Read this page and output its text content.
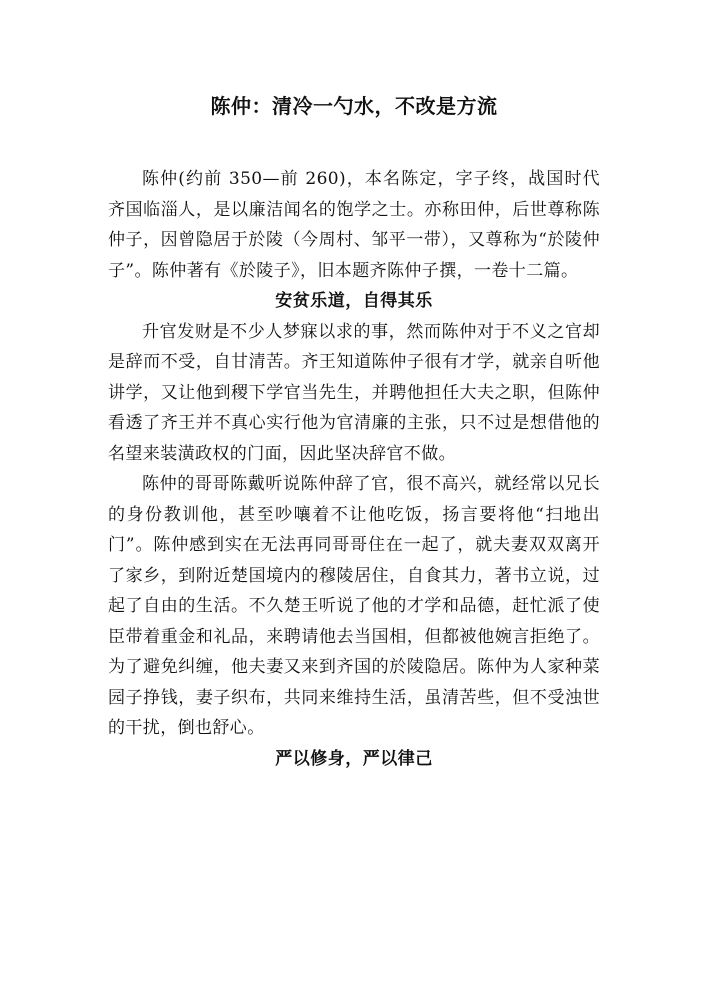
陈仲：清冷一勺水，不改是方流

陈仲(约前 350—前 260)，本名陈定，字子终，战国时代齐国临淄人，是以廉洁闻名的饱学之士。亦称田仲，后世尊称陈仲子，因曾隐居于於陵（今周村、邹平一带），又尊称为“於陵仲子”。陈仲著有《於陵子》，旧本题齐陈仲子撰，一卷十二篇。

安贫乐道，自得其乐

升官发财是不少人梦寐以求的事，然而陈仲对于不义之官却是辞而不受，自甘清苦。齐王知道陈仲子很有才学，就亲自听他讲学，又让他到稷下学官当先生，并聘他担任大夫之职，但陈仲看透了齐王并不真心实行他为官清廉的主张，只不过是想借他的名望来装潢政权的门面，因此坚决辞官不做。

陈仲的哥哥陈戴听说陈仲辞了官，很不高兴，就经常以兄长的身份教训他，甚至吵嚷着不让他吃饭，扬言要将他“扫地出门”。陈仲感到实在无法再同哥哥住在一起了，就夫妻双双离开了家乡，到附近楚国境内的穆陵居住，自食其力，著书立说，过起了自由的生活。不久楚王听说了他的才学和品德，赶忙派了使臣带着重金和礼品，来聘请他去当国相，但都被他婉言拒绝了。为了避免纠缠，他夫妻又来到齐国的於陵隐居。陈仲为人家种菜园子挣钱，妻子织布，共同来维持生活，虽清苦些，但不受浊世的干扰，倒也舒心。

严以修身，严以律己
